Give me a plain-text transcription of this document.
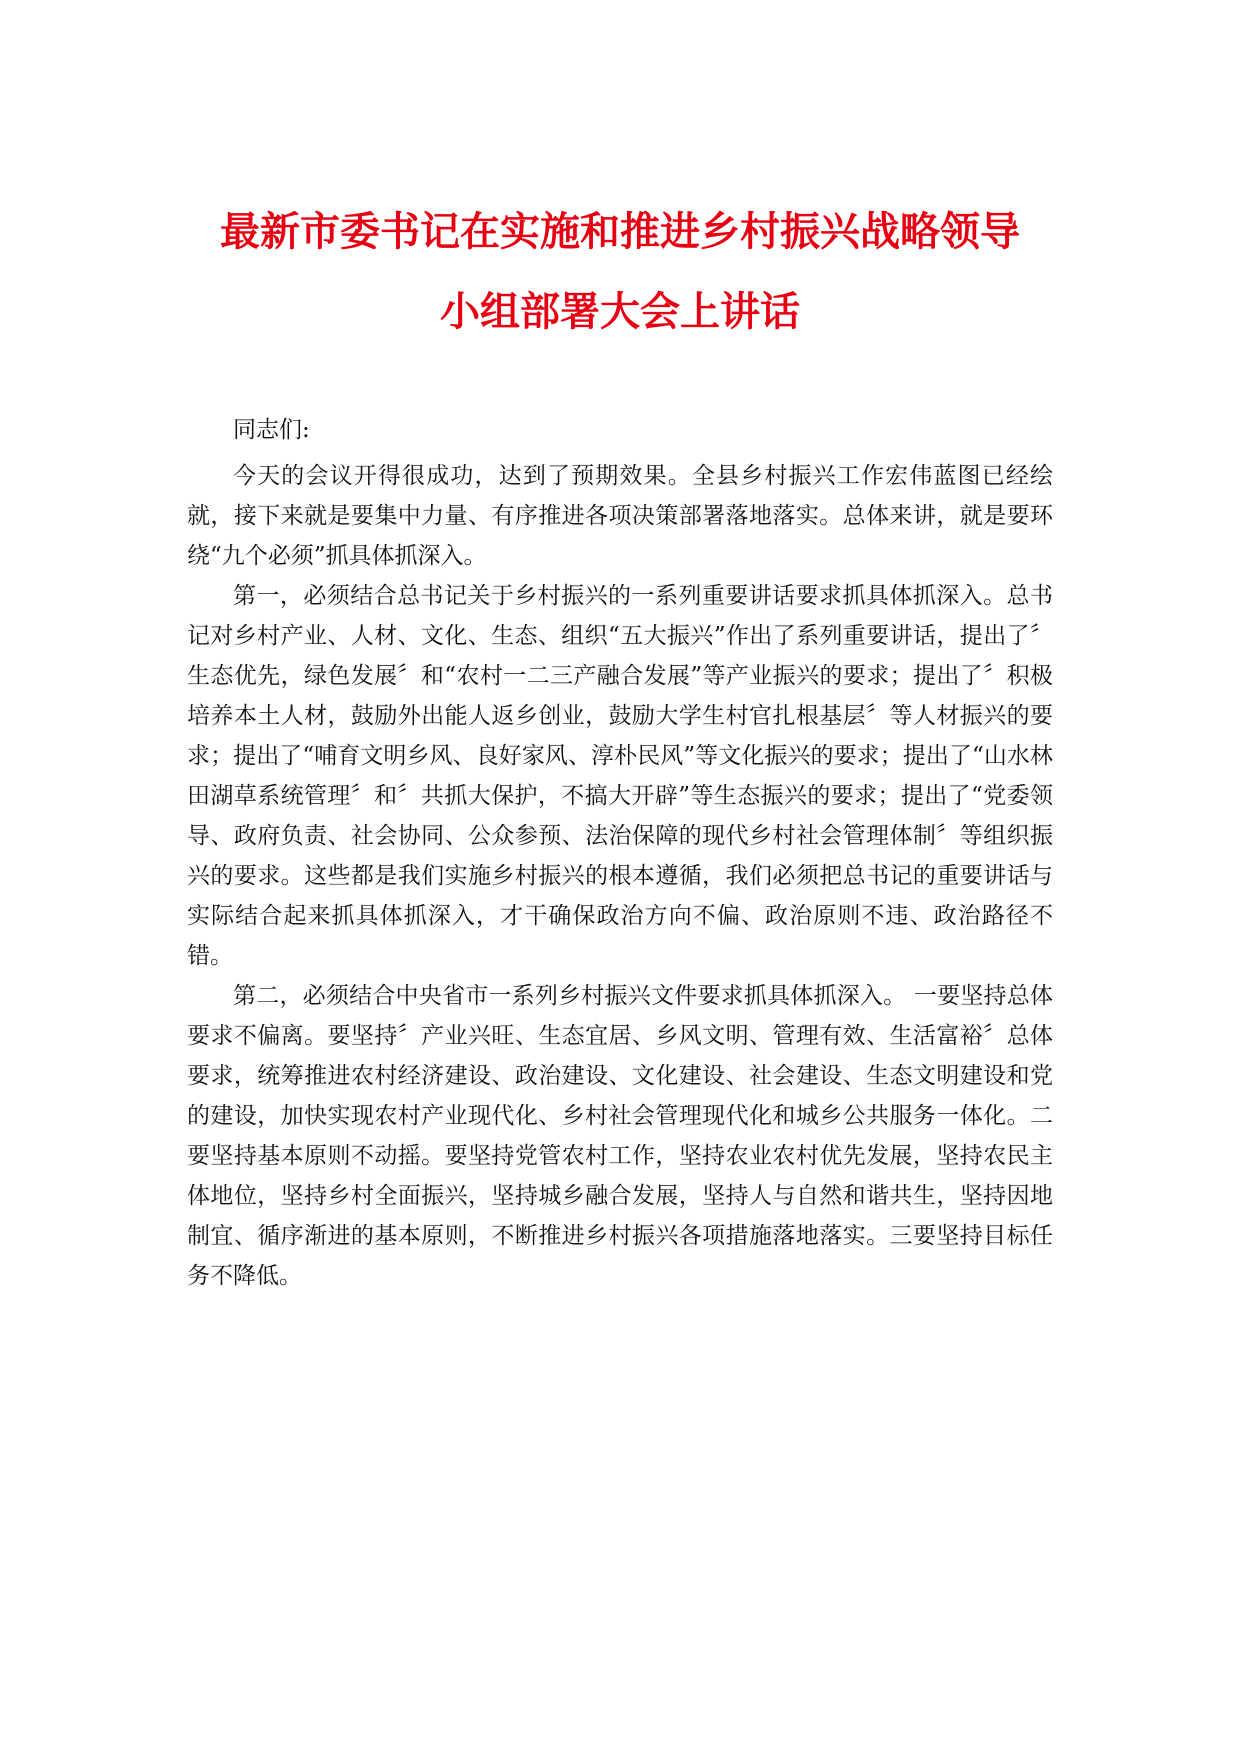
最新市委书记在实施和推进乡村振兴战略领导
小组部署大会上讲话

同志们:

今天的会议开得很成功，达到了预期效果。全县乡村振兴工作宏伟蓝图已经绘就，接下来就是要集中力量、有序推进各项决策部署落地落实。总体来讲，就是要环绕“九个必须”抓具体抓深入。

第一，必须结合总书记关于乡村振兴的一系列重要讲话要求抓具体抓深入。总书记对乡村产业、人材、文化、生态、组织“五大振兴”作出了系列重要讲话，提出了〞生态优先，绿色发展〞和“农村一二三产融合发展”等产业振兴的要求；提出了〞积极培养本土人材，鼓励外出能人返乡创业，鼓励大学生村官扎根基层〞等人材振兴的要求；提出了“哺育文明乡风、良好家风、淳朴民风”等文化振兴的要求；提出了“山水林田湖草系统管理〞和〞共抓大保护，不搞大开辟”等生态振兴的要求；提出了“党委领导、政府负责、社会协同、公众参预、法治保障的现代乡村社会管理体制〞等组织振兴的要求。这些都是我们实施乡村振兴的根本遵循，我们必须把总书记的重要讲话与 实际结合起来抓具体抓深入，才干确保政治方向不偏、政治原则不违、政治路径不错。

第二，必须结合中央省市一系列乡村振兴文件要求抓具体抓深入。 一要坚持总体要求不偏离。要坚持〞产业兴旺、生态宜居、乡风文明、管理有效、生活富裕〞总体要求，统筹推进农村经济建设、政治建设、文化建设、社会建设、生态文明建设和党的建设，加快实现农村产业现代化、乡村社会管理现代化和城乡公共服务一体化。二要坚持基本原则不动摇。要坚持党管农村工作，坚持农业农村优先发展，坚持农民主体地位，坚持乡村全面振兴，坚持城乡融合发展，坚持人与自然和谐共生，坚持因地制宜、循序渐进的基本原则，不断推进乡村振兴各项措施落地落实。三要坚持目标任务不降低。
